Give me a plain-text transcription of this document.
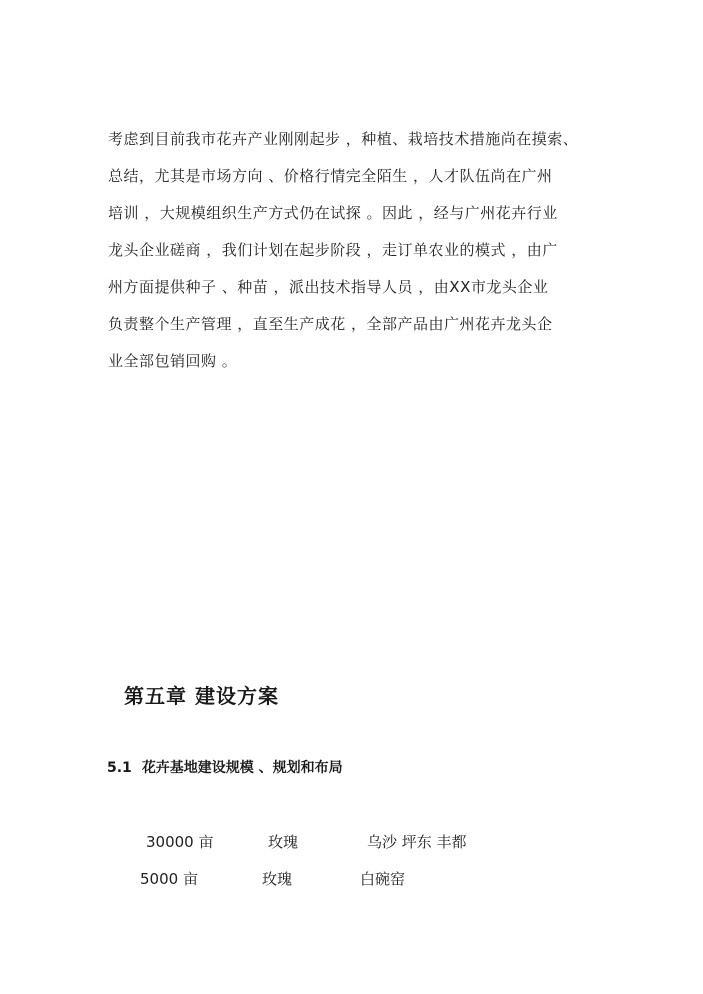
考虑到目前我市花卉产业刚刚起步 ，种植、栽培技术措施尚在摸索、
总结，尤其是市场方向 、价格行情完全陌生 ，人才队伍尚在广州
培训 ，大规模组织生产方式仍在试探 。因此 ，经与广州花卉行业
龙头企业磋商 ，我们计划在起步阶段 ，走订单农业的模式 ，由广
州方面提供种子 、种苗 ，派出技术指导人员 ，由XX市龙头企业
负责整个生产管理 ，直至生产成花 ，全部产品由广州花卉龙头企
业全部包销回购 。
第五章 建设方案
5.1 花卉基地建设规模 、规划和布局
30000 亩	玫瑰	乌沙 坪东 丰都
5000 亩	玫瑰	白碗窑
